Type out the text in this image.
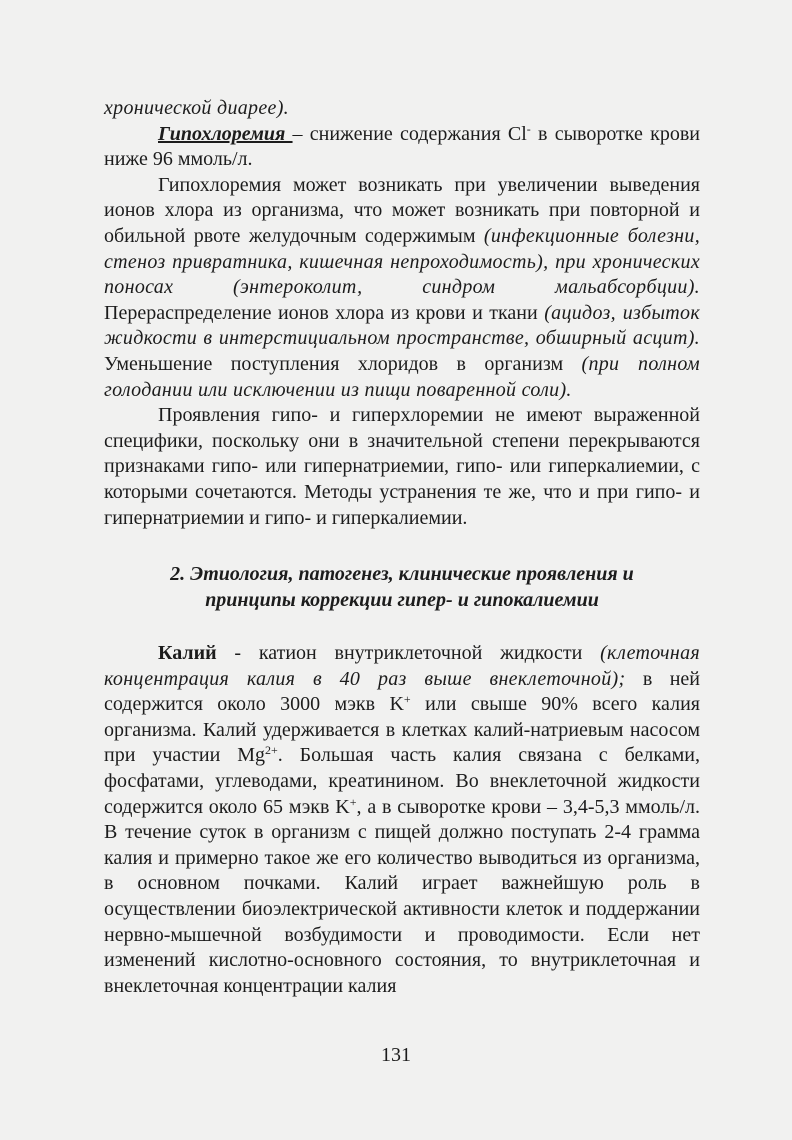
хронической диарее).

Гипохлоремия – снижение содержания Cl- в сыворотке крови ниже 96 ммоль/л.

Гипохлоремия может возникать при увеличении выведения ионов хлора из организма, что может возникать при повторной и обильной рвоте желудочным содержимым (инфекционные болезни, стеноз привратника, кишечная непроходимость), при хронических поносах (энтероколит, синдром мальабсорбции). Перераспределение ионов хлора из крови и ткани (ацидоз, избыток жидкости в интерстициальном пространстве, обширный асцит). Уменьшение поступления хлоридов в организм (при полном голодании или исключении из пищи поваренной соли).

Проявления гипо- и гиперхлоремии не имеют выраженной специфики, поскольку они в значительной степени перекрываются признаками гипо- или гипернатриемии, гипо- или гиперкалиемии, с которыми сочетаются. Методы устранения те же, что и при гипо- и гипернатриемии и гипо- и гиперкалиемии.

2. Этиология, патогенез, клинические проявления и
принципы коррекции гипер- и гипокалиемии

Калий - катион внутриклеточной жидкости (клеточная концентрация калия в 40 раз выше внеклеточной); в ней содержится около 3000 мэкв K+ или свыше 90% всего калия организма. Калий удерживается в клетках калий-натриевым насосом при участии $Mg^{2+}$. Большая часть калия связана с белками, фосфатами, углеводами, креатинином. Во внеклеточной жидкости содержится около 65 мэкв K+, а в сыворотке крови – 3,4-5,3 ммоль/л. В течение суток в организм с пищей должно поступать 2-4 грамма калия и примерно такое же его количество выводиться из организма, в основном почками. Калий играет важнейшую роль в осуществлении биоэлектрической активности клеток и поддержании нервно-мышечной возбудимости и проводимости. Если нет изменений кислотно-основного состояния, то внутриклеточная и внеклеточная концентрации калия

131
